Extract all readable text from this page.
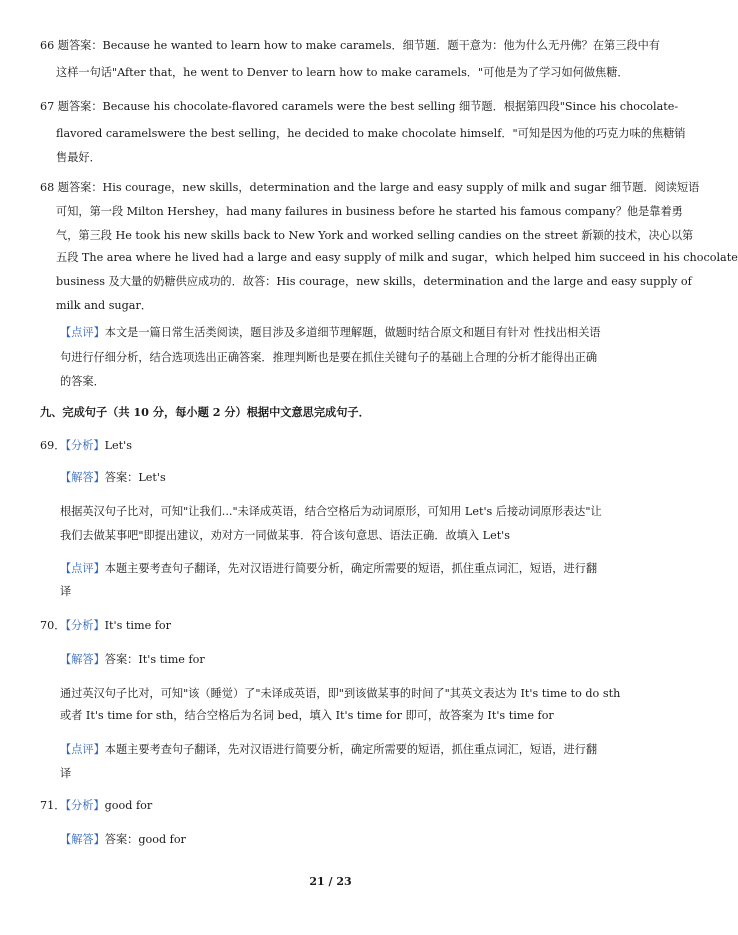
66 题答案：Because he wanted to learn how to make caramels．细节题．题干意为：他为什么无丹佛？在第三段中有
这样一句话"After that，he went to Denver to learn how to make caramels．"可他是为了学习如何做焦糖．
67 题答案：Because his chocolate-flavored caramels were the best selling 细节题．根据第四段"Since his chocolate-
flavored caramelswere the best selling，he decided to make chocolate himself．"可知是因为他的巧克力味的焦糖销
售最好．
68 题答案：His courage，new skills，determination and the large and easy supply of milk and sugar 细节题．阅读短语
可知，第一段 Milton Hershey，had many failures in business before he started his famous company？他是靠着勇
气，第三段 He took his new skills back to New York and worked selling candies on the street 新颖的技术，决心以第
五段 The area where he lived had a large and easy supply of milk and sugar，which helped him succeed in his chocolate
business 及大量的奶糖供应成功的．故答：His courage，new skills，determination and the large and easy supply of
milk and sugar．
【点评】本文是一篇日常生活类阅读，题目涉及多道细节理解题，做题时结合原文和题目有针对 性找出相关语
句进行仔细分析，结合选项选出正确答案．推理判断也是要在抓住关键句子的基础上合理的分析才能得出正确
的答案．
九、完成句子（共 10 分，每小题 2 分）根据中文意思完成句子．
69．【分析】Let's
【解答】答案：Let's
根据英汉句子比对，可知"让我们..."未译成英语，结合空格后为动词原形，可知用 Let's 后接动词原形表达"让
我们去做某事吧"即提出建议，劝对方一同做某事．符合该句意思、语法正确．故填入 Let's
【点评】本题主要考查句子翻译，先对汉语进行简要分析，确定所需要的短语，抓住重点词汇，短语，进行翻
译
70．【分析】It's time for
【解答】答案：It's time for
通过英汉句子比对，可知"该（睡觉）了"未译成英语，即"到该做某事的时间了"其英文表达为 It's time to do sth
或者 It's time for sth，结合空格后为名词 bed，填入 It's time for 即可，故答案为 It's time for
【点评】本题主要考查句子翻译，先对汉语进行简要分析，确定所需要的短语，抓住重点词汇，短语，进行翻
译
71．【分析】good for
【解答】答案：good for
21 / 23
